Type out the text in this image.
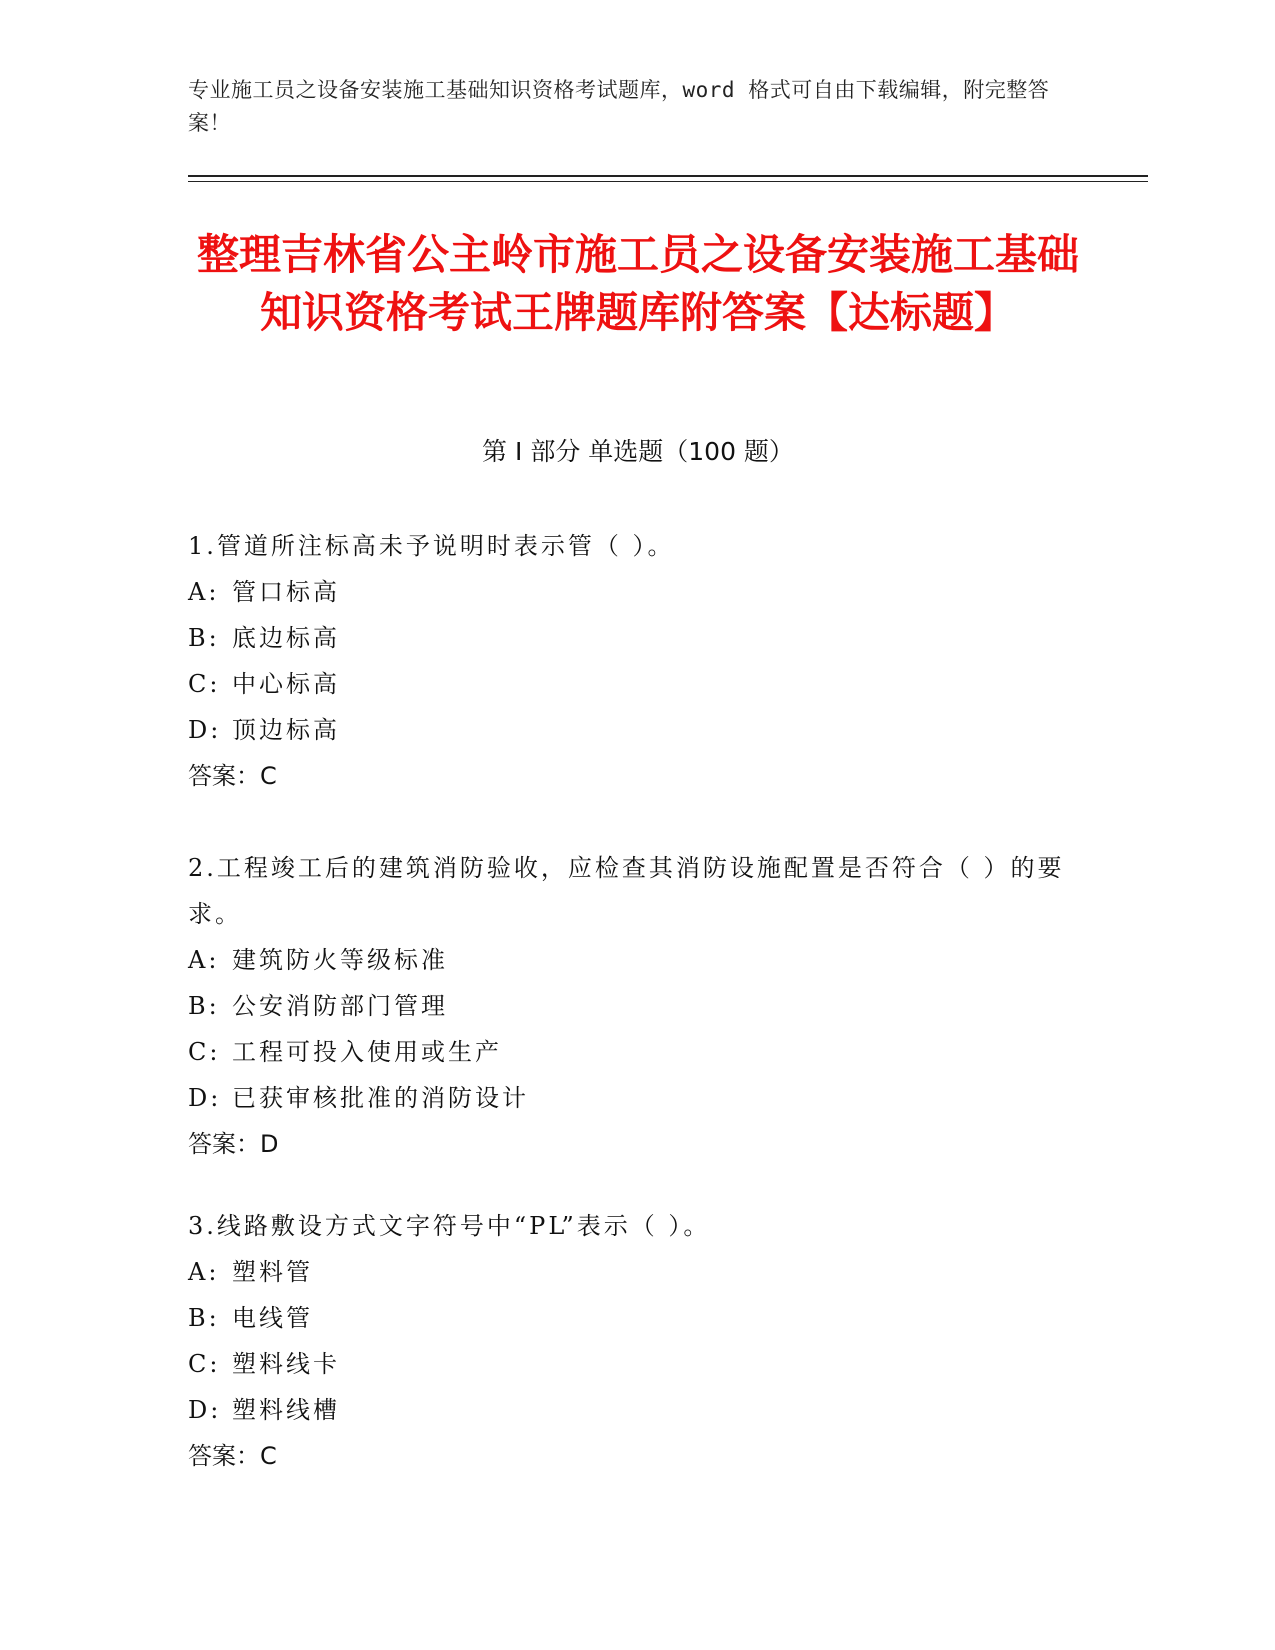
专业施工员之设备安装施工基础知识资格考试题库，word 格式可自由下载编辑，附完整答案！
整理吉林省公主岭市施工员之设备安装施工基础知识资格考试王牌题库附答案【达标题】
第 I 部分 单选题（100 题）
1.管道所注标高未予说明时表示管（ ）。
A: 管口标高
B: 底边标高
C: 中心标高
D: 顶边标高
答案：C
2.工程竣工后的建筑消防验收，应检查其消防设施配置是否符合（ ）的要求。
A: 建筑防火等级标准
B: 公安消防部门管理
C: 工程可投入使用或生产
D: 已获审核批准的消防设计
答案：D
3.线路敷设方式文字符号中“PL”表示（ ）。
A: 塑料管
B: 电线管
C: 塑料线卡
D: 塑料线槽
答案：C
